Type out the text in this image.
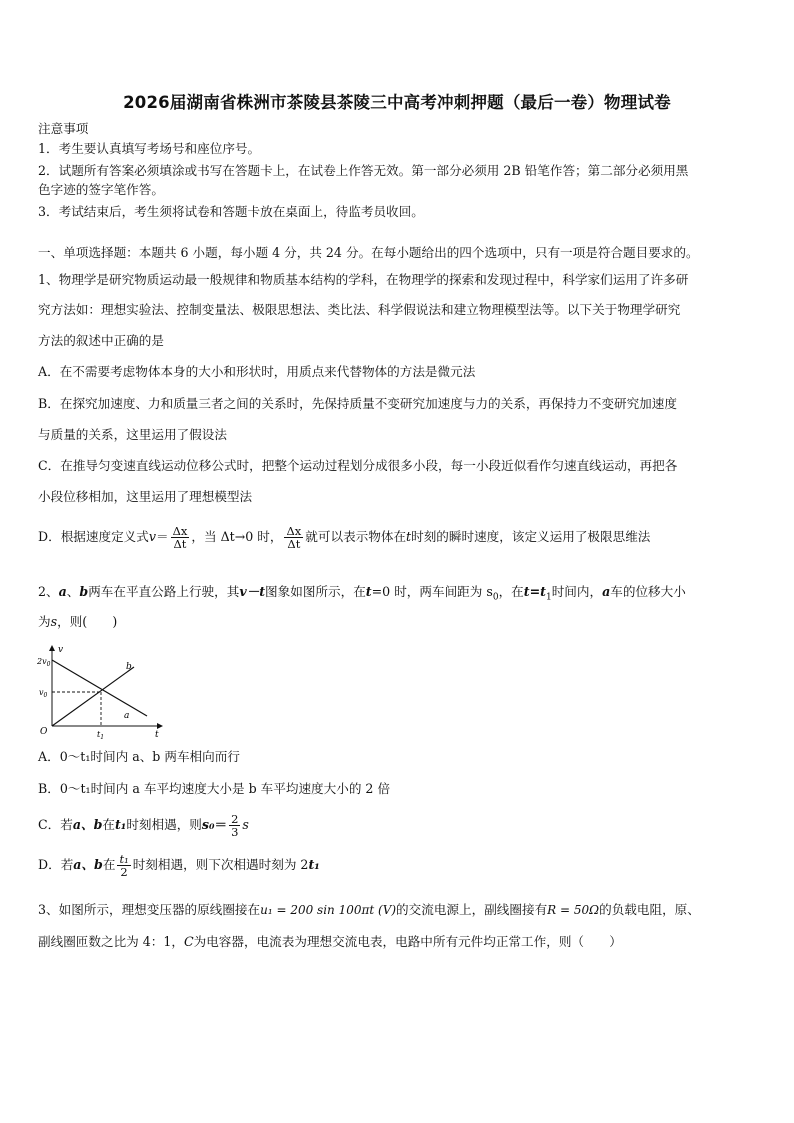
2026届湖南省株洲市茶陵县茶陵三中高考冲刺押题（最后一卷）物理试卷
注意事项
1．考生要认真填写考场号和座位序号。
2．试题所有答案必须填涂或书写在答题卡上，在试卷上作答无效。第一部分必须用 2B 铅笔作答；第二部分必须用黑
色字迹的签字笔作答。
3．考试结束后，考生须将试卷和答题卡放在桌面上，待监考员收回。
一、单项选择题：本题共 6 小题，每小题 4 分，共 24 分。在每小题给出的四个选项中，只有一项是符合题目要求的。
1、物理学是研究物质运动最一般规律和物质基本结构的学科，在物理学的探索和发现过程中，科学家们运用了许多研
究方法如：理想实验法、控制变量法、极限思想法、类比法、科学假说法和建立物理模型法等。以下关于物理学研究
方法的叙述中正确的是
A．在不需要考虑物体本身的大小和形状时，用质点来代替物体的方法是微元法
B．在探究加速度、力和质量三者之间的关系时，先保持质量不变研究加速度与力的关系，再保持力不变研究加速度
与质量的关系，这里运用了假设法
C．在推导匀变速直线运动位移公式时，把整个运动过程划分成很多小段，每一小段近似看作匀速直线运动，再把各
小段位移相加，这里运用了理想模型法
D．根据速度定义式$v= \frac{\Delta x}{\Delta t}$ ，当 Δt→0 时， $\frac{\Delta x}{\Delta t}$ 就可以表示物体在t时刻的瞬时速度，该定义运用了极限思维法
2、a、b两车在平直公路上行驶，其v－t图象如图所示，在t=0 时，两车间距为 $s_0$，在$t=t_1$时间内，a车的位移大小
为s，则(　　)
v
t
O
$2v_0$
$v_0$
$t_1$
b
a
A．0～t₁时间内 a、b 两车相向而行
B．0～t₁时间内 a 车平均速度大小是 b 车平均速度大小的 2 倍
C．若a、b在t₁时刻相遇，则$s_0= \frac{2}{3}$ s
D．若a、b在 $\frac{\text{t₁}}{2}$ 时刻相遇，则下次相遇时刻为 2t₁
3、如图所示，理想变压器的原线圈接在u₁ = 200 sin 100πt (V)的交流电源上，副线圈接有R = 50Ω的负载电阻，原、
副线圈匝数之比为 4：1，C为电容器，电流表为理想交流电表，电路中所有元件均正常工作，则（　　）
